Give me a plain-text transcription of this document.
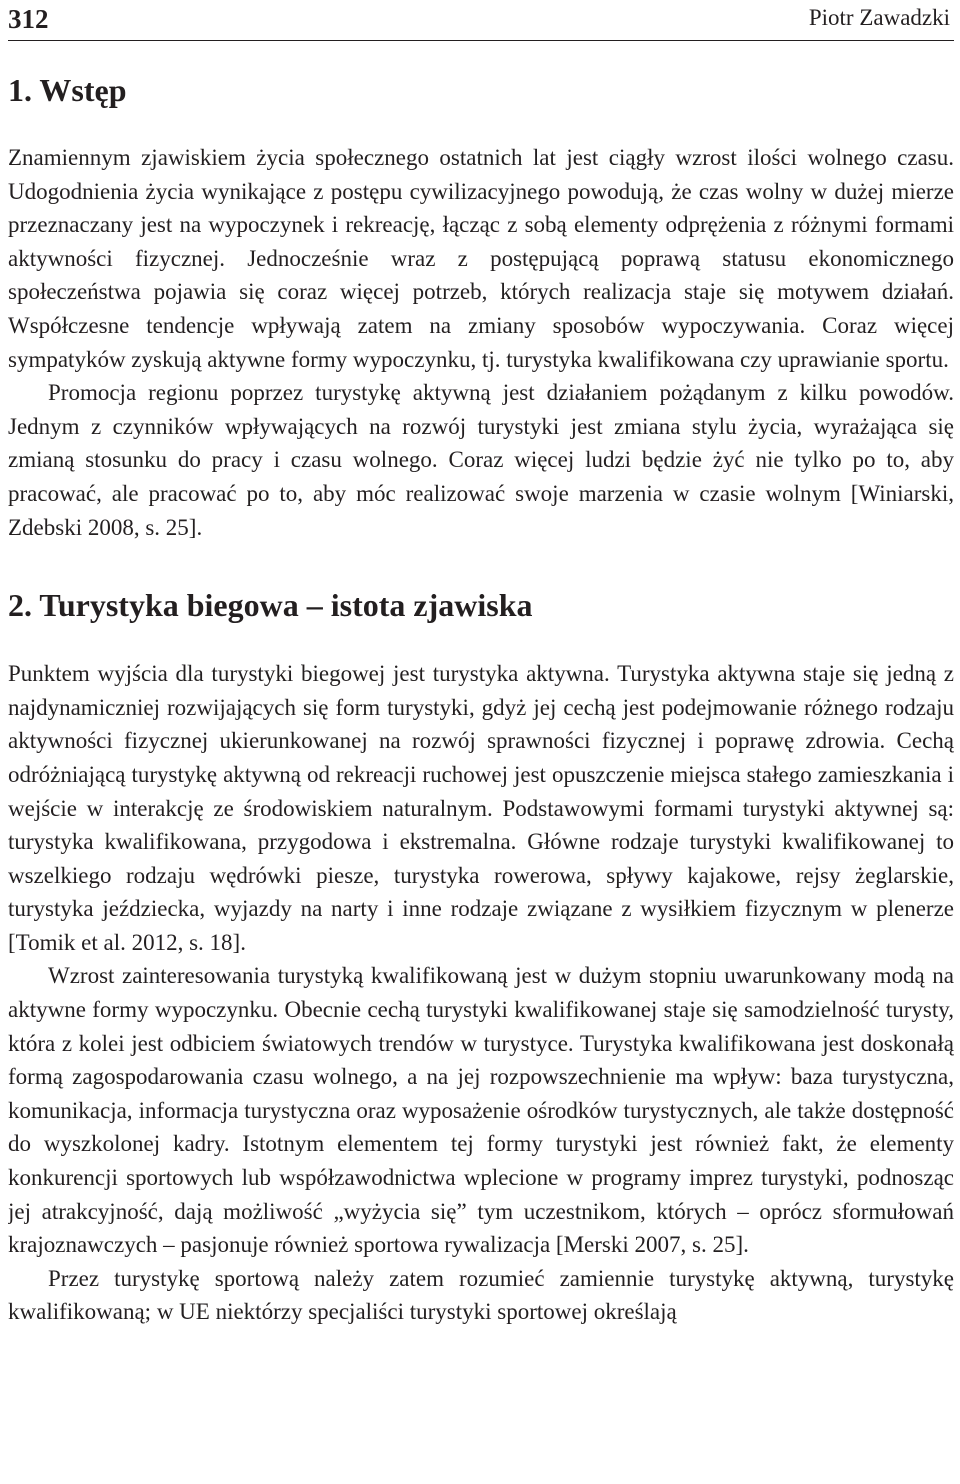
312	Piotr Zawadzki
1. Wstęp

Znamiennym zjawiskiem życia społecznego ostatnich lat jest ciągły wzrost ilości wolnego czasu. Udogodnienia życia wynikające z postępu cywilizacyjnego powodują, że czas wolny w dużej mierze przeznaczany jest na wypoczynek i rekreację, łącząc z sobą elementy odprężenia z różnymi formami aktywności fizycznej. Jednocześnie wraz z postępującą poprawą statusu ekonomicznego społeczeństwa pojawia się coraz więcej potrzeb, których realizacja staje się motywem działań. Współczesne tendencje wpływają zatem na zmiany sposobów wypoczywania. Coraz więcej sympatyków zyskują aktywne formy wypoczynku, tj. turystyka kwalifikowana czy uprawianie sportu.

Promocja regionu poprzez turystykę aktywną jest działaniem pożądanym z kilku powodów. Jednym z czynników wpływających na rozwój turystyki jest zmiana stylu życia, wyrażająca się zmianą stosunku do pracy i czasu wolnego. Coraz więcej ludzi będzie żyć nie tylko po to, aby pracować, ale pracować po to, aby móc realizować swoje marzenia w czasie wolnym [Winiarski, Zdebski 2008, s. 25].

2. Turystyka biegowa – istota zjawiska

Punktem wyjścia dla turystyki biegowej jest turystyka aktywna. Turystyka aktywna staje się jedną z najdynamiczniej rozwijających się form turystyki, gdyż jej cechą jest podejmowanie różnego rodzaju aktywności fizycznej ukierunkowanej na rozwój sprawności fizycznej i poprawę zdrowia. Cechą odróżniającą turystykę aktywną od rekreacji ruchowej jest opuszczenie miejsca stałego zamieszkania i wejście w interakcję ze środowiskiem naturalnym. Podstawowymi formami turystyki aktywnej są: turystyka kwalifikowana, przygodowa i ekstremalna. Główne rodzaje turystyki kwalifikowanej to wszelkiego rodzaju wędrówki piesze, turystyka rowerowa, spływy kajakowe, rejsy żeglarskie, turystyka jeździecka, wyjazdy na narty i inne rodzaje związane z wysiłkiem fizycznym w plenerze [Tomik et al. 2012, s. 18].

Wzrost zainteresowania turystyką kwalifikowaną jest w dużym stopniu uwarunkowany modą na aktywne formy wypoczynku. Obecnie cechą turystyki kwalifikowanej staje się samodzielność turysty, która z kolei jest odbiciem światowych trendów w turystyce. Turystyka kwalifikowana jest doskonałą formą zagospodarowania czasu wolnego, a na jej rozpowszechnienie ma wpływ: baza turystyczna, komunikacja, informacja turystyczna oraz wyposażenie ośrodków turystycznych, ale także dostępność do wyszkolonej kadry. Istotnym elementem tej formy turystyki jest również fakt, że elementy konkurencji sportowych lub współzawodnictwa wplecione w programy imprez turystyki, podnosząc jej atrakcyjność, dają możliwość „wyżycia się” tym uczestnikom, których – oprócz sformułowań krajoznawczych – pasjonuje również sportowa rywalizacja [Merski 2007, s. 25].

Przez turystykę sportową należy zatem rozumieć zamiennie turystykę aktywną, turystykę kwalifikowaną; w UE niektórzy specjaliści turystyki sportowej określają
